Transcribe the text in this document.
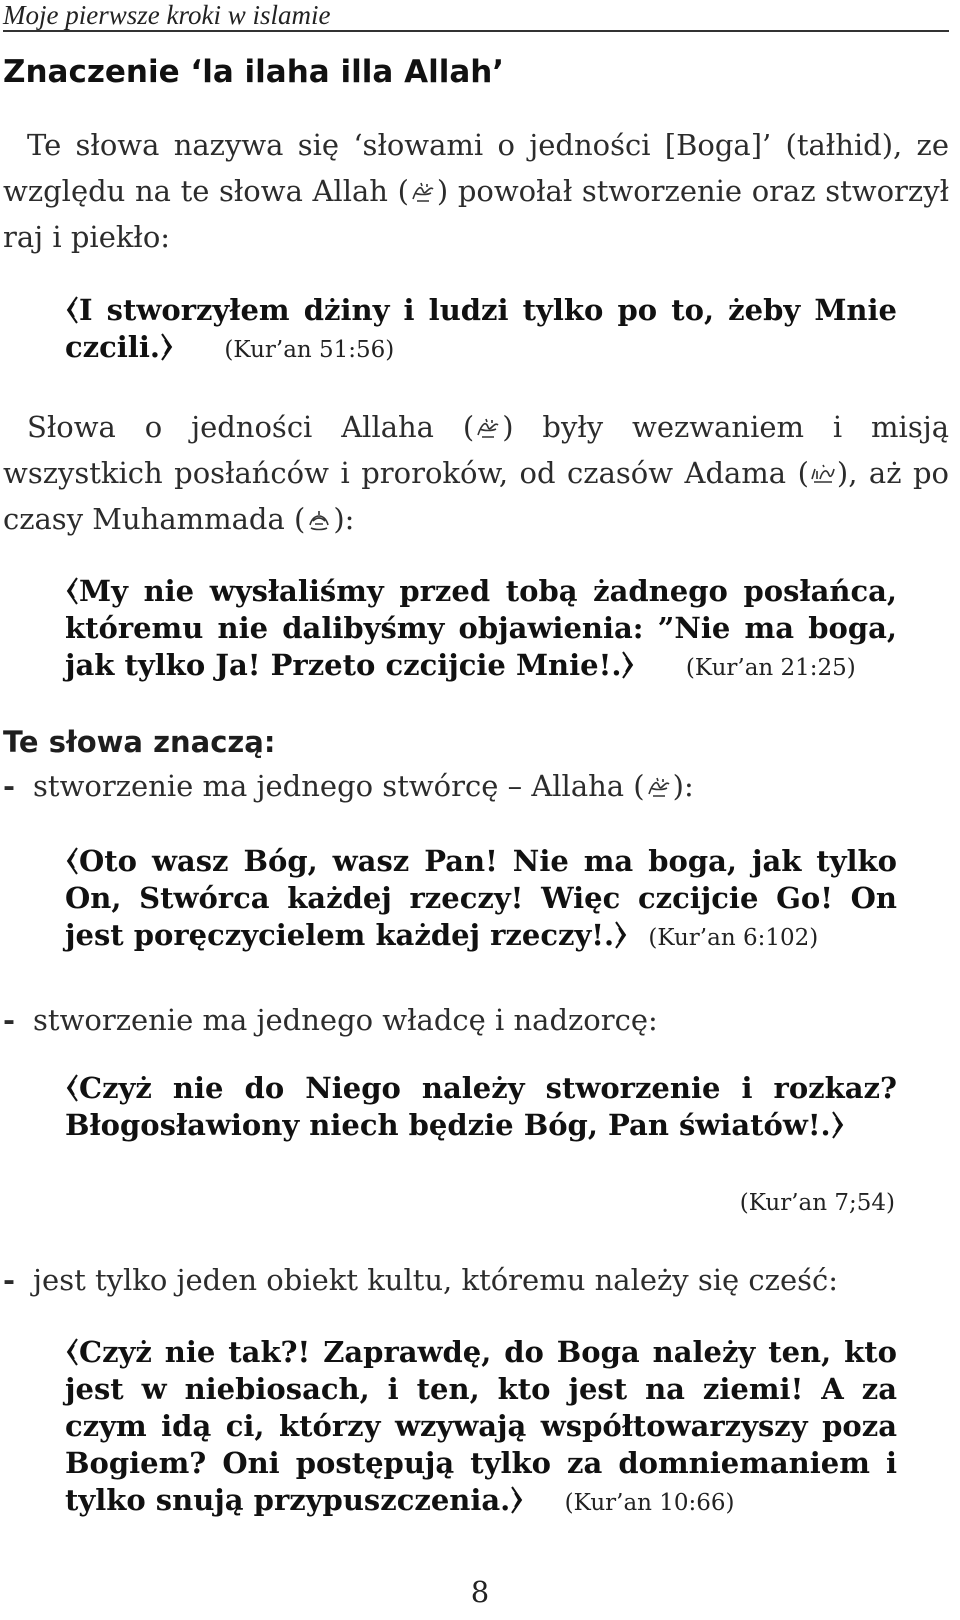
Moje pierwsze kroki w islamie
Znaczenie ‘la ilaha illa Allah’

Te słowa nazywa się ‘słowami o jedności [Boga]’ (tałhid), ze względu na te słowa Allah ( ) powołał stworzenie oraz stworzył raj i piekło:

I stworzyłem dżiny i ludzi tylko po to, żeby Mnie czcili.	(Kur’an 51:56)

Słowa o jedności Allaha ( ) były wezwaniem i misją wszystkich posłańców i proroków, od czasów Adama ( ), aż po czasy Muhammada ( ):

My nie wysłaliśmy przed tobą żadnego posłańca, któremu nie dalibyśmy objawienia: ”Nie ma boga, jak tylko Ja! Przeto czcijcie Mnie!.	(Kur’an 21:25)

Te słowa znaczą:

- stworzenie ma jednego stwórcę – Allaha ( ):

Oto wasz Bóg, wasz Pan! Nie ma boga, jak tylko On, Stwórca każdej rzeczy! Więc czcijcie Go! On jest poręczycielem każdej rzeczy!. (Kur’an 6:102)

- stworzenie ma jednego władcę i nadzorcę:

Czyż nie do Niego należy stworzenie i rozkaz? Błogosławiony niech będzie Bóg, Pan światów!.

(Kur’an 7;54)

- jest tylko jeden obiekt kultu, któremu należy się cześć:

Czyż nie tak?! Zaprawdę, do Boga należy ten, kto jest w niebiosach, i ten, kto jest na ziemi! A za czym idą ci, którzy wzywają współtowarzyszy poza Bogiem? Oni postępują tylko za domniemaniem i tylko snują przypuszczenia. (Kur’an 10:66)

8
